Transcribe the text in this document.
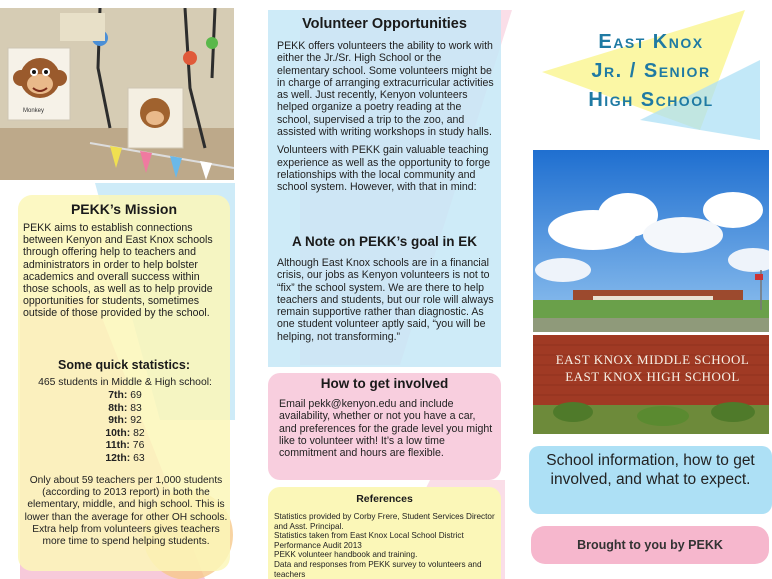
Monkey
PEKK’s Mission
PEKK aims to establish connections between Kenyon and East Knox schools through offering help to teachers and administrators in order to help bolster academics and overall success within those schools, as well as to help provide opportunities for students, sometimes outside of those provided by the school.
Some quick statistics:
465 students in Middle & High school:
7th: 69
8th: 83
9th: 92
10th: 82
11th: 76
12th: 63
Only about 59 teachers per 1,000 students (according to 2013 report) in both the elementary, middle, and high school. This is lower than the average for other OH schools. Extra help from volunteers gives teachers more time to spend helping students.
Volunteer Opportunities
PEKK offers volunteers the ability to work with either the Jr./Sr. High School or the elementary school. Some volunteers might be in charge of arranging extracurricular activities as well. Just recently, Kenyon volunteers helped organize a poetry reading at the school, supervised a trip to the zoo, and assisted with writing workshops in study halls.
Volunteers with PEKK gain valuable teaching experience as well as the opportunity to forge relationships with the local community and school system. However, with that in mind:
A Note on PEKK’s goal in EK
Although East Knox schools are in a financial crisis, our jobs as Kenyon volunteers is not to “fix” the school system. We are there to help teachers and students, but our role will always remain supportive rather than diagnostic. As one student volunteer aptly said, “you will be helping, not transforming.”
How to get involved
Email pekk@kenyon.edu and include availability, whether or not you have a car, and preferences for the grade level you might like to volunteer with! It’s a low time commitment and hours are flexible.
References
Statistics provided by Corby Frere, Student Services Director and Asst. Principal.
Statistics taken from East Knox Local School District Performance Audit 2013
PEKK volunteer handbook and training.
Data and responses from PEKK survey to volunteers and teachers
East Knox
Jr. / Senior
High School
EAST KNOX MIDDLE SCHOOL
EAST KNOX HIGH SCHOOL
School information, how to get involved, and what to expect.
Brought to you by PEKK
